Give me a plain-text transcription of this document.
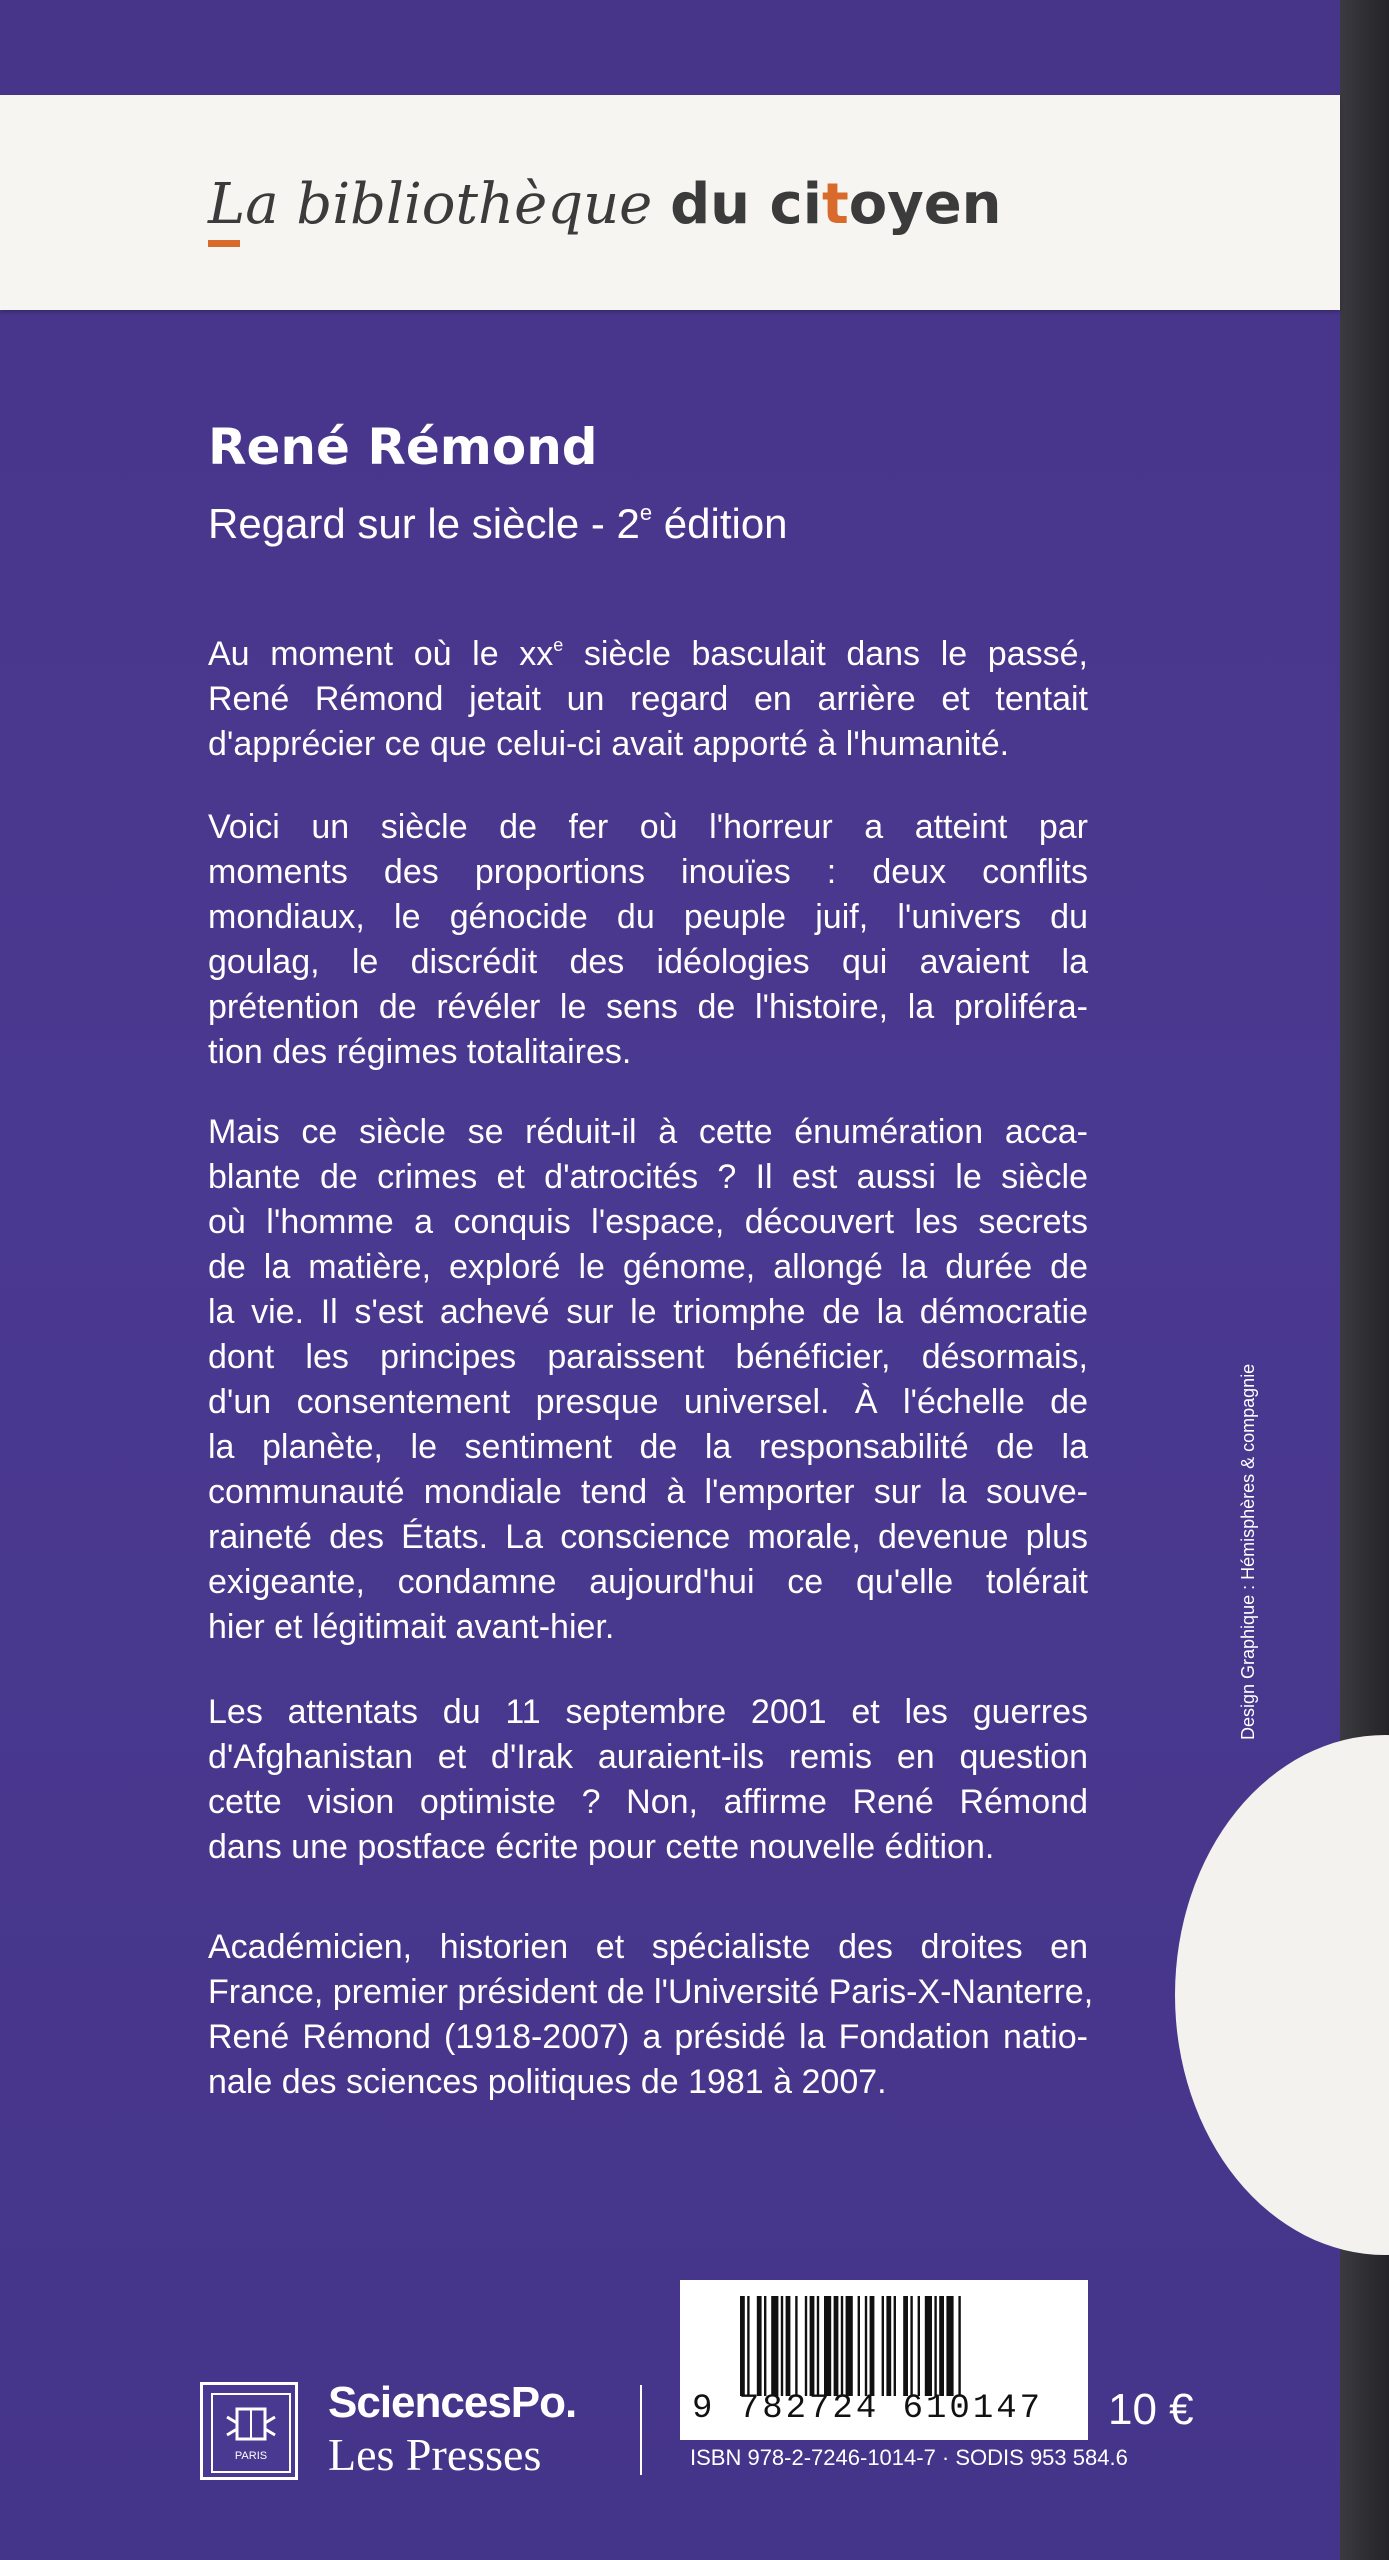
La bibliothèque du citoyen
René Rémond
Regard sur le siècle - 2e édition
Au moment où le $xx^e$ siècle basculait dans le passé,
René Rémond jetait un regard en arrière et tentait
d'apprécier ce que celui-ci avait apporté à l'humanité.
Voici un siècle de fer où l'horreur a atteint par
moments des proportions inouïes : deux conflits
mondiaux, le génocide du peuple juif, l'univers du
goulag, le discrédit des idéologies qui avaient la
prétention de révéler le sens de l'histoire, la proliféra-
tion des régimes totalitaires.
Mais ce siècle se réduit-il à cette énumération acca-
blante de crimes et d'atrocités ? Il est aussi le siècle
où l'homme a conquis l'espace, découvert les secrets
de la matière, exploré le génome, allongé la durée de
la vie. Il s'est achevé sur le triomphe de la démocratie
dont les principes paraissent bénéficier, désormais,
d'un consentement presque universel. À l'échelle de
la planète, le sentiment de la responsabilité de la
communauté mondiale tend à l'emporter sur la souve-
raineté des États. La conscience morale, devenue plus
exigeante, condamne aujourd'hui ce qu'elle tolérait
hier et légitimait avant-hier.
Les attentats du 11 septembre 2001 et les guerres
d'Afghanistan et d'Irak auraient-ils remis en question
cette vision optimiste ? Non, affirme René Rémond
dans une postface écrite pour cette nouvelle édition.
Académicien, historien et spécialiste des droites en
France, premier président de l'Université Paris-X-Nanterre,
René Rémond (1918-2007) a présidé la Fondation natio-
nale des sciences politiques de 1981 à 2007.
Design Graphique : Hémisphères & compagnie
PARIS
SciencesPo.
Les Presses
9 782724 610147
ISBN 978-2-7246-1014-7 · SODIS 953 584.6
10 €
